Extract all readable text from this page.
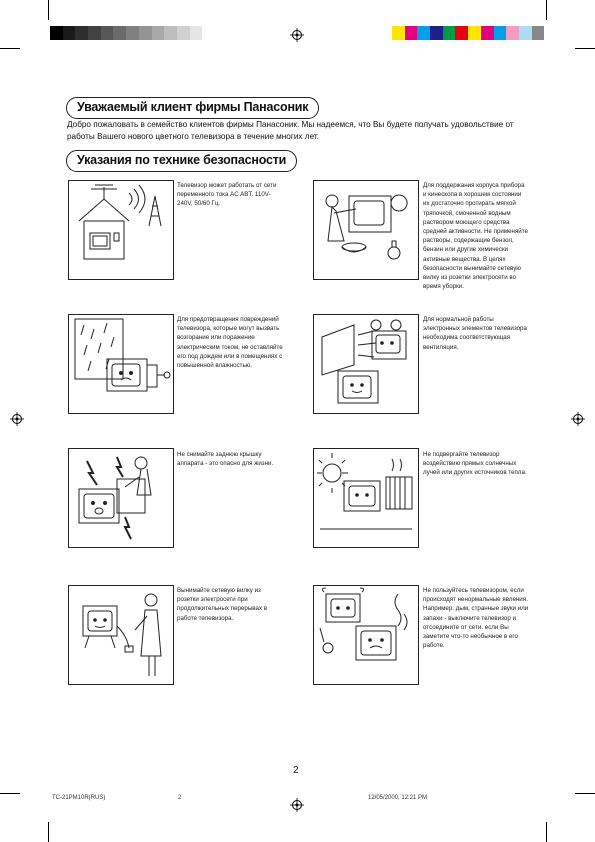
Уважаемый клиент фирмы Панасоник
Добро пожаловать в семейство клиентов фирмы Панасоник. Мы надеемся, что Вы будете получать удовольствие от работы Вашего нового цветного телевизора в течение многих лет.
Указания по технике безопасности
Телевизор может работать от сети переменного тока AC ABT. 110V-240V, 50/60 Гц.
Для поддержания корпуса прибора и кинескопа в хорошем состоянии их достаточно протирать мягкой тряпочкой, смоченной водным раствором моющего средства средней активности. Не применяйте растворы, содержащие бензол, бензин или другие химически активные вещества. В целях безопасности вынимайте сетевую вилку из розетки электросети во время уборки.
Для предотвращения повреждений телевизора, которые могут вызвать возгорание или поражение электрическим током, не оставляйте его под дождем или в помещениях с повышенной влажностью.
Для нормальной работы электронных элементов телевизора необходима соответствующая вентиляция.
Не снимайте заднюю крышку аппарата - это опасно для жизни.
Не подвергайте телевизор воздействию прямых солнечных лучей или других источников тепла.
Вынимайте сетевую вилку из розетки электросети при продолжительных перерывах в работе телевизора.
Не пользуйтесь телевизором, если происходят ненормальные явления. Например: дым, странные звуки или запахи - выключите телевизор и отсоедините от сети. если Вы заметите что-то необычное в его работе.
2
TC-21PM10R(RUS)	2	12/05/2000, 12:21 PM
